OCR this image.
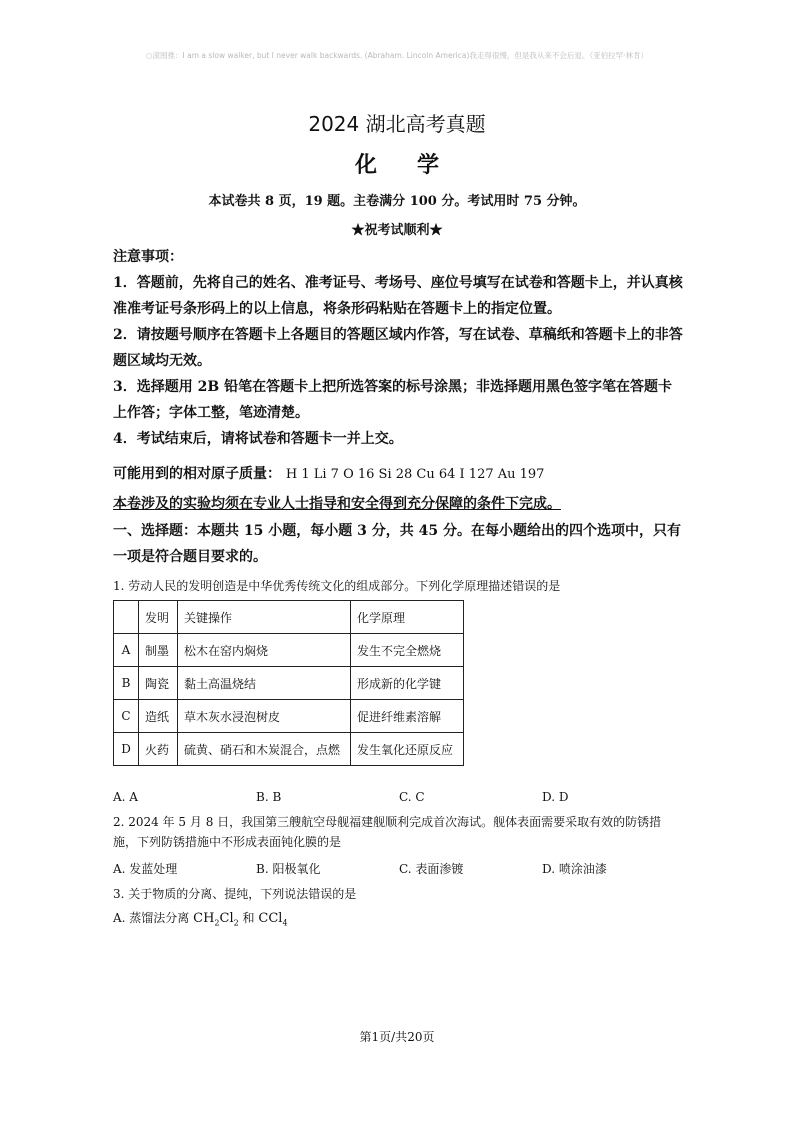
○滚囤推：I am a slow walker, but I never walk backwards. (Abraham. Lincoln America)我走得很慢，但是我从来不会后退。（亚伯拉罕·林肯）
2024 湖北高考真题
化学
本试卷共 8 页，19 题。主卷满分 100 分。考试用时 75 分钟。
★祝考试顺利★
注意事项：
1．答题前，先将自己的姓名、准考证号、考场号、座位号填写在试卷和答题卡上，并认真核准准考证号条形码上的以上信息，将条形码粘贴在答题卡上的指定位置。
2．请按题号顺序在答题卡上各题目的答题区域内作答，写在试卷、草稿纸和答题卡上的非答题区域均无效。
3．选择题用 2B 铅笔在答题卡上把所选答案的标号涂黑；非选择题用黑色签字笔在答题卡上作答；字体工整，笔迹清楚。
4．考试结束后，请将试卷和答题卡一并上交。
可能用到的相对原子质量： H 1 Li 7 O 16 Si 28 Cu 64 I 127 Au 197
本卷涉及的实验均须在专业人士指导和安全得到充分保障的条件下完成。
一、选择题：本题共 15 小题，每小题 3 分，共 45 分。在每小题给出的四个选项中，只有一项是符合题目要求的。
1. 劳动人民的发明创造是中华优秀传统文化的组成部分。下列化学原理描述错误的是
	发明	关键操作	化学原理
A	制墨	松木在窑内焖烧	发生不完全燃烧
B	陶瓷	黏土高温烧结	形成新的化学键
C	造纸	草木灰水浸泡树皮	促进纤维素溶解
D	火药	硫黄、硝石和木炭混合，点燃	发生氧化还原反应
A. A	B. B	C. C	D. D
2. 2024 年 5 月 8 日，我国第三艘航空母舰福建舰顺利完成首次海试。舰体表面需要采取有效的防锈措施，下列防锈措施中不形成表面钝化膜的是
A. 发蓝处理	B. 阳极氧化	C. 表面渗镀	D. 喷涂油漆
3. 关于物质的分离、提纯，下列说法错误的是
A. 蒸馏法分离 $CH_2Cl_2$ 和 CCl$_4$
第1页/共20页
